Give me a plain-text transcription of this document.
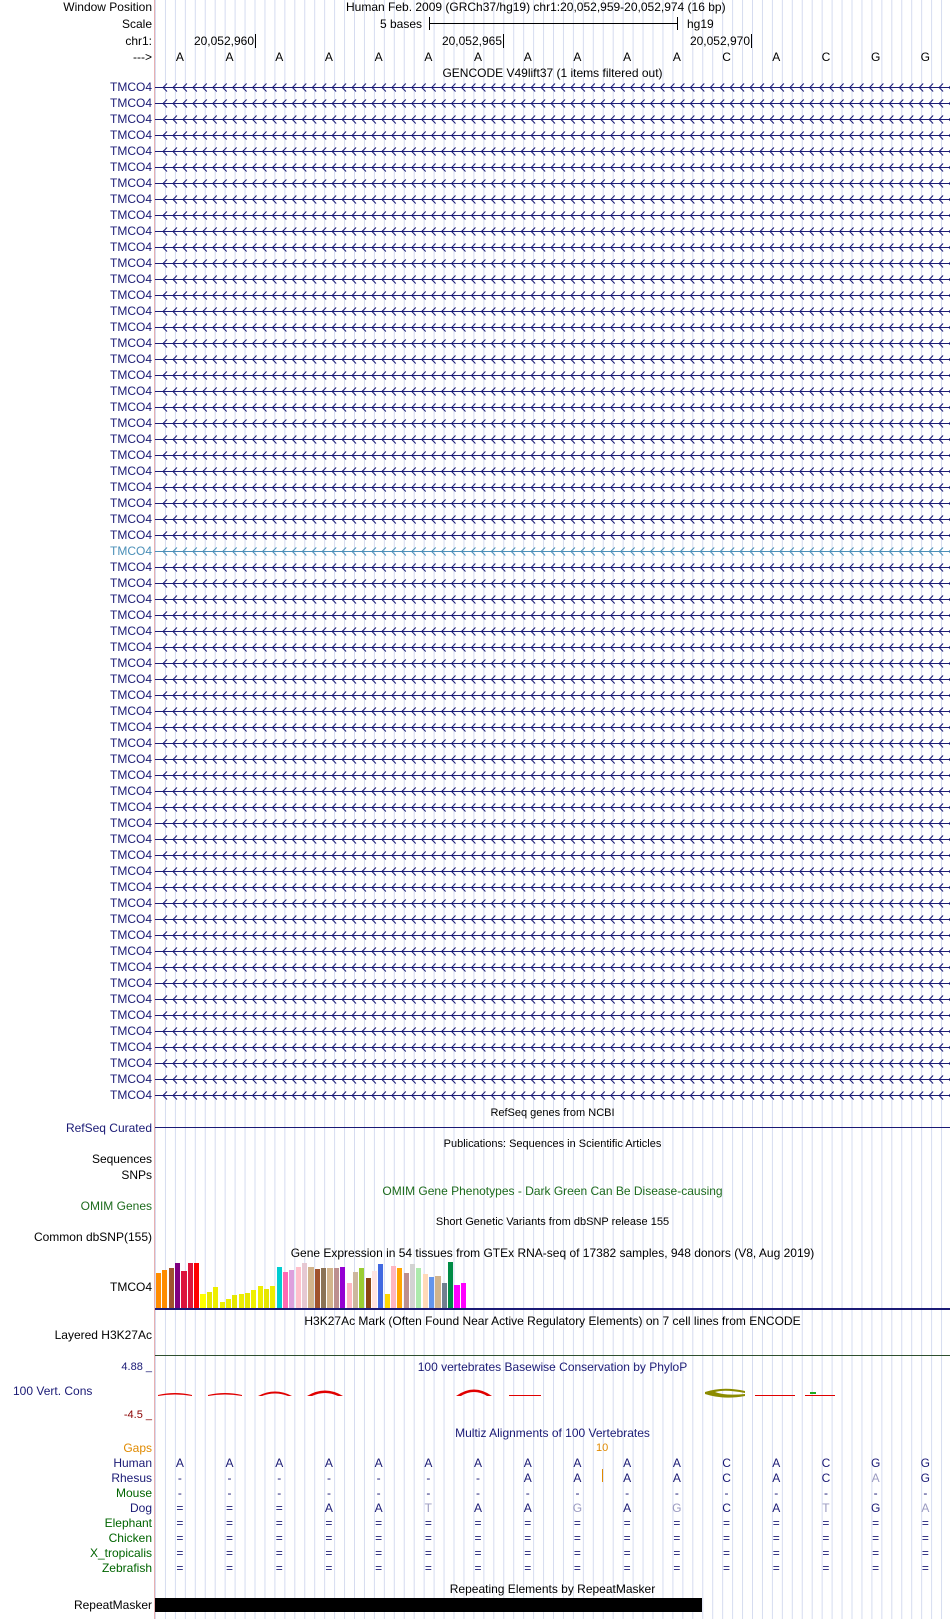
Window Position	Human Feb. 2009 (GRCh37/hg19) chr1:20,052,959-20,052,974 (16 bp)
Scale	5 bases	hg19
chr1:	20,052,960	20,052,965	20,052,970
--->	A	A	A	A	A	A	A	A	A	A	A	C	A	C	G	G
GENCODE V49lift37 (1 items filtered out)
TMCO4
TMCO4
TMCO4
TMCO4
TMCO4
TMCO4
TMCO4
TMCO4
TMCO4
TMCO4
TMCO4
TMCO4
TMCO4
TMCO4
TMCO4
TMCO4
TMCO4
TMCO4
TMCO4
TMCO4
TMCO4
TMCO4
TMCO4
TMCO4
TMCO4
TMCO4
TMCO4
TMCO4
TMCO4
TMCO4
TMCO4
TMCO4
TMCO4
TMCO4
TMCO4
TMCO4
TMCO4
TMCO4
TMCO4
TMCO4
TMCO4
TMCO4
TMCO4
TMCO4
TMCO4
TMCO4
TMCO4
TMCO4
TMCO4
TMCO4
TMCO4
TMCO4
TMCO4
TMCO4
TMCO4
TMCO4
TMCO4
TMCO4
TMCO4
TMCO4
TMCO4
TMCO4
TMCO4
TMCO4
RefSeq genes from NCBI
RefSeq Curated
Publications: Sequences in Scientific Articles
Sequences
SNPs
OMIM Gene Phenotypes - Dark Green Can Be Disease-causing
OMIM Genes
Short Genetic Variants from dbSNP release 155
Common dbSNP(155)
Gene Expression in 54 tissues from GTEx RNA-seq of 17382 samples, 948 donors (V8, Aug 2019)
TMCO4
H3K27Ac Mark (Often Found Near Active Regulatory Elements) on 7 cell lines from ENCODE
Layered H3K27Ac
100 vertebrates Basewise Conservation by PhyloP
4.88 _
100 Vert. Cons
-4.5 _
Multiz Alignments of 100 Vertebrates
Gaps	10
Human	A	A	A	A	A	A	A	A	A	A	A	C	A	C	G	G
Rhesus	-	-	-	-	-	-	-	A	A	A	A	C	A	C	A	G
Mouse	-	-	-	-	-	-	-	-	-	-	-	-	-	-	-	-
Dog	=	=	=	A	A	T	A	A	G	A	G	C	A	T	G	A
Elephant	=	=	=	=	=	=	=	=	=	=	=	=	=	=	=	=
Chicken	=	=	=	=	=	=	=	=	=	=	=	=	=	=	=	=
X_tropicalis	=	=	=	=	=	=	=	=	=	=	=	=	=	=	=	=
Zebrafish	=	=	=	=	=	=	=	=	=	=	=	=	=	=	=	=
Repeating Elements by RepeatMasker
RepeatMasker
